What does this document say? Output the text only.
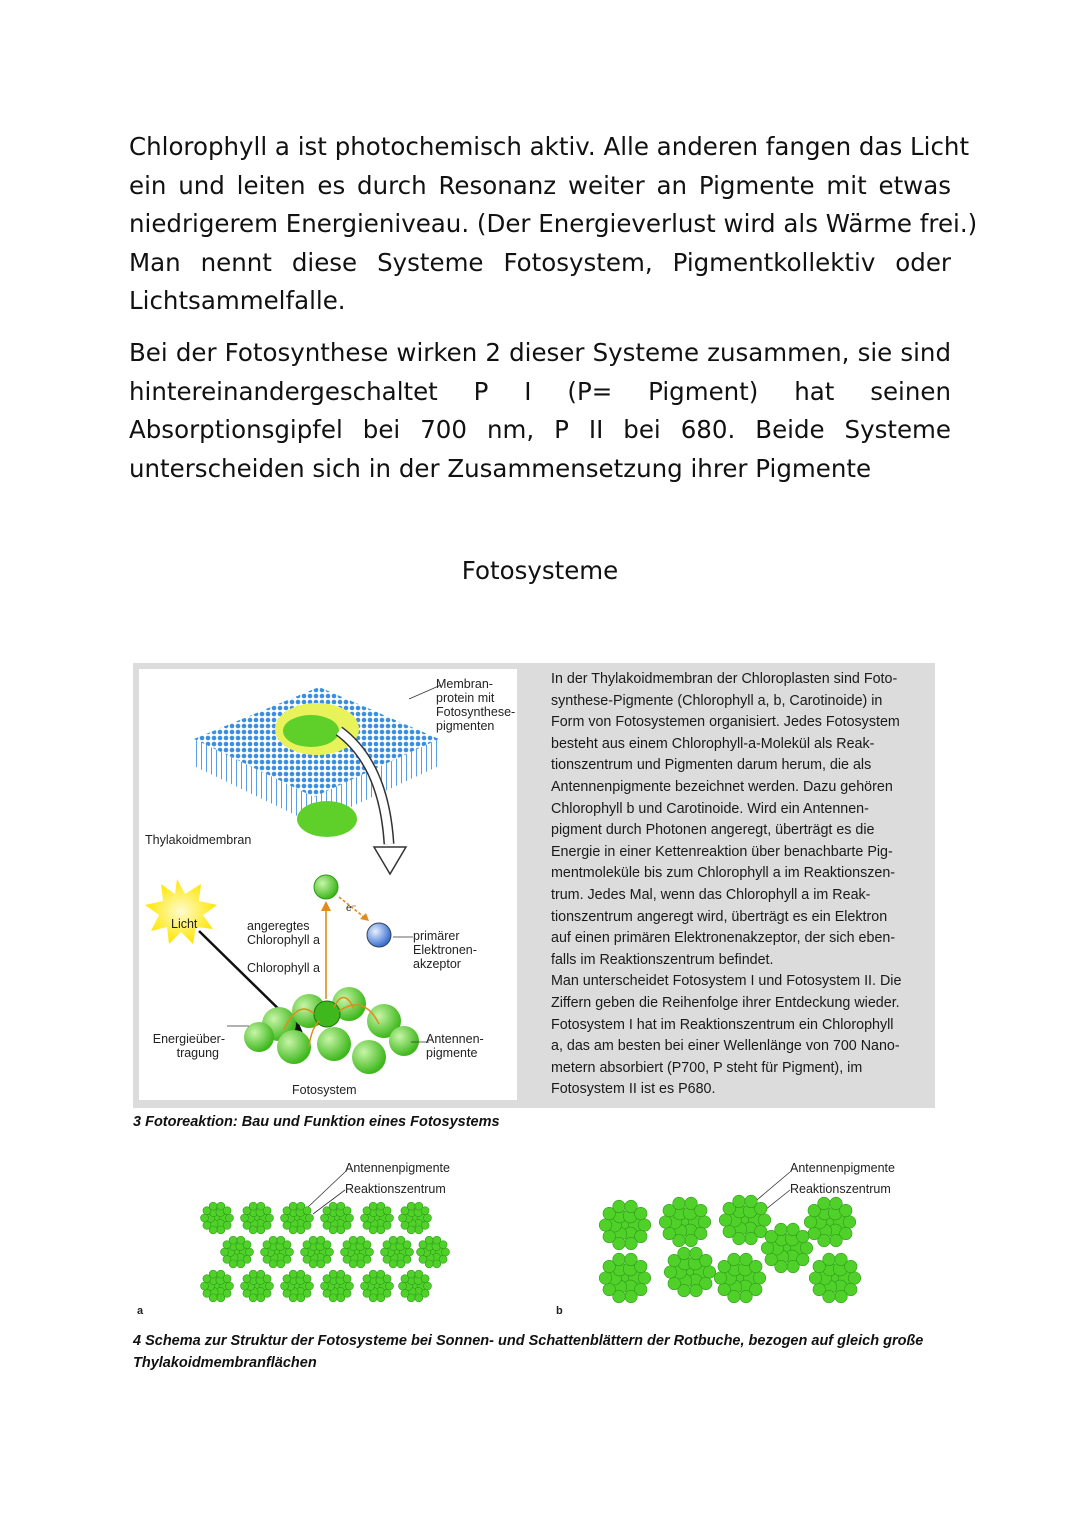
Chlorophyll a ist photochemisch aktiv. Alle anderen fangen das Licht
ein und leiten es durch Resonanz weiter an Pigmente mit etwas
niedrigerem Energieniveau. (Der Energieverlust wird als Wärme frei.)
Man nennt diese Systeme Fotosystem, Pigmentkollektiv oder
Lichtsammelfalle.
Bei der Fotosynthese wirken 2 dieser Systeme zusammen, sie sind
hintereinandergeschaltet P I (P= Pigment) hat seinen
Absorptionsgipfel bei 700 nm, P II bei 680. Beide Systeme
unterscheiden sich in der Zusammensetzung ihrer Pigmente
Fotosysteme
Membran-
protein mit
Fotosynthese-
pigmenten
Thylakoidmembran
Licht	angeregtes
Chlorophyll a
Chlorophyll a
e⁻
primärer
Elektronen-
akzeptor
Energieüber-
tragung
Antennen-
pigmente
Fotosystem
In der Thylakoidmembran der Chloroplasten sind Foto-
synthese-Pigmente (Chlorophyll a, b, Carotinoide) in
Form von Fotosystemen organisiert. Jedes Fotosystem
besteht aus einem Chlorophyll-a-Molekül als Reak-
tionszentrum und Pigmenten darum herum, die als
Antennenpigmente bezeichnet werden. Dazu gehören
Chlorophyll b und Carotinoide. Wird ein Antennen-
pigment durch Photonen angeregt, überträgt es die
Energie in einer Kettenreaktion über benachbarte Pig-
mentmoleküle bis zum Chlorophyll a im Reaktionszen-
trum. Jedes Mal, wenn das Chlorophyll a im Reak-
tionszentrum angeregt wird, überträgt es ein Elektron
auf einen primären Elektronenakzeptor, der sich eben-
falls im Reaktionszentrum befindet.
Man unterscheidet Fotosystem I und Fotosystem II. Die
Ziffern geben die Reihenfolge ihrer Entdeckung wieder.
Fotosystem I hat im Reaktionszentrum ein Chlorophyll
a, das am besten bei einer Wellenlänge von 700 Nano-
metern absorbiert (P700, P steht für Pigment), im
Fotosystem II ist es P680.
3 Fotoreaktion: Bau und Funktion eines Fotosystems
Antennenpigmente
Reaktionszentrum
Antennenpigmente
Reaktionszentrum
a	b
4 Schema zur Struktur der Fotosysteme bei Sonnen- und Schattenblättern der Rotbuche, bezogen auf gleich große
Thylakoidmembranflächen
